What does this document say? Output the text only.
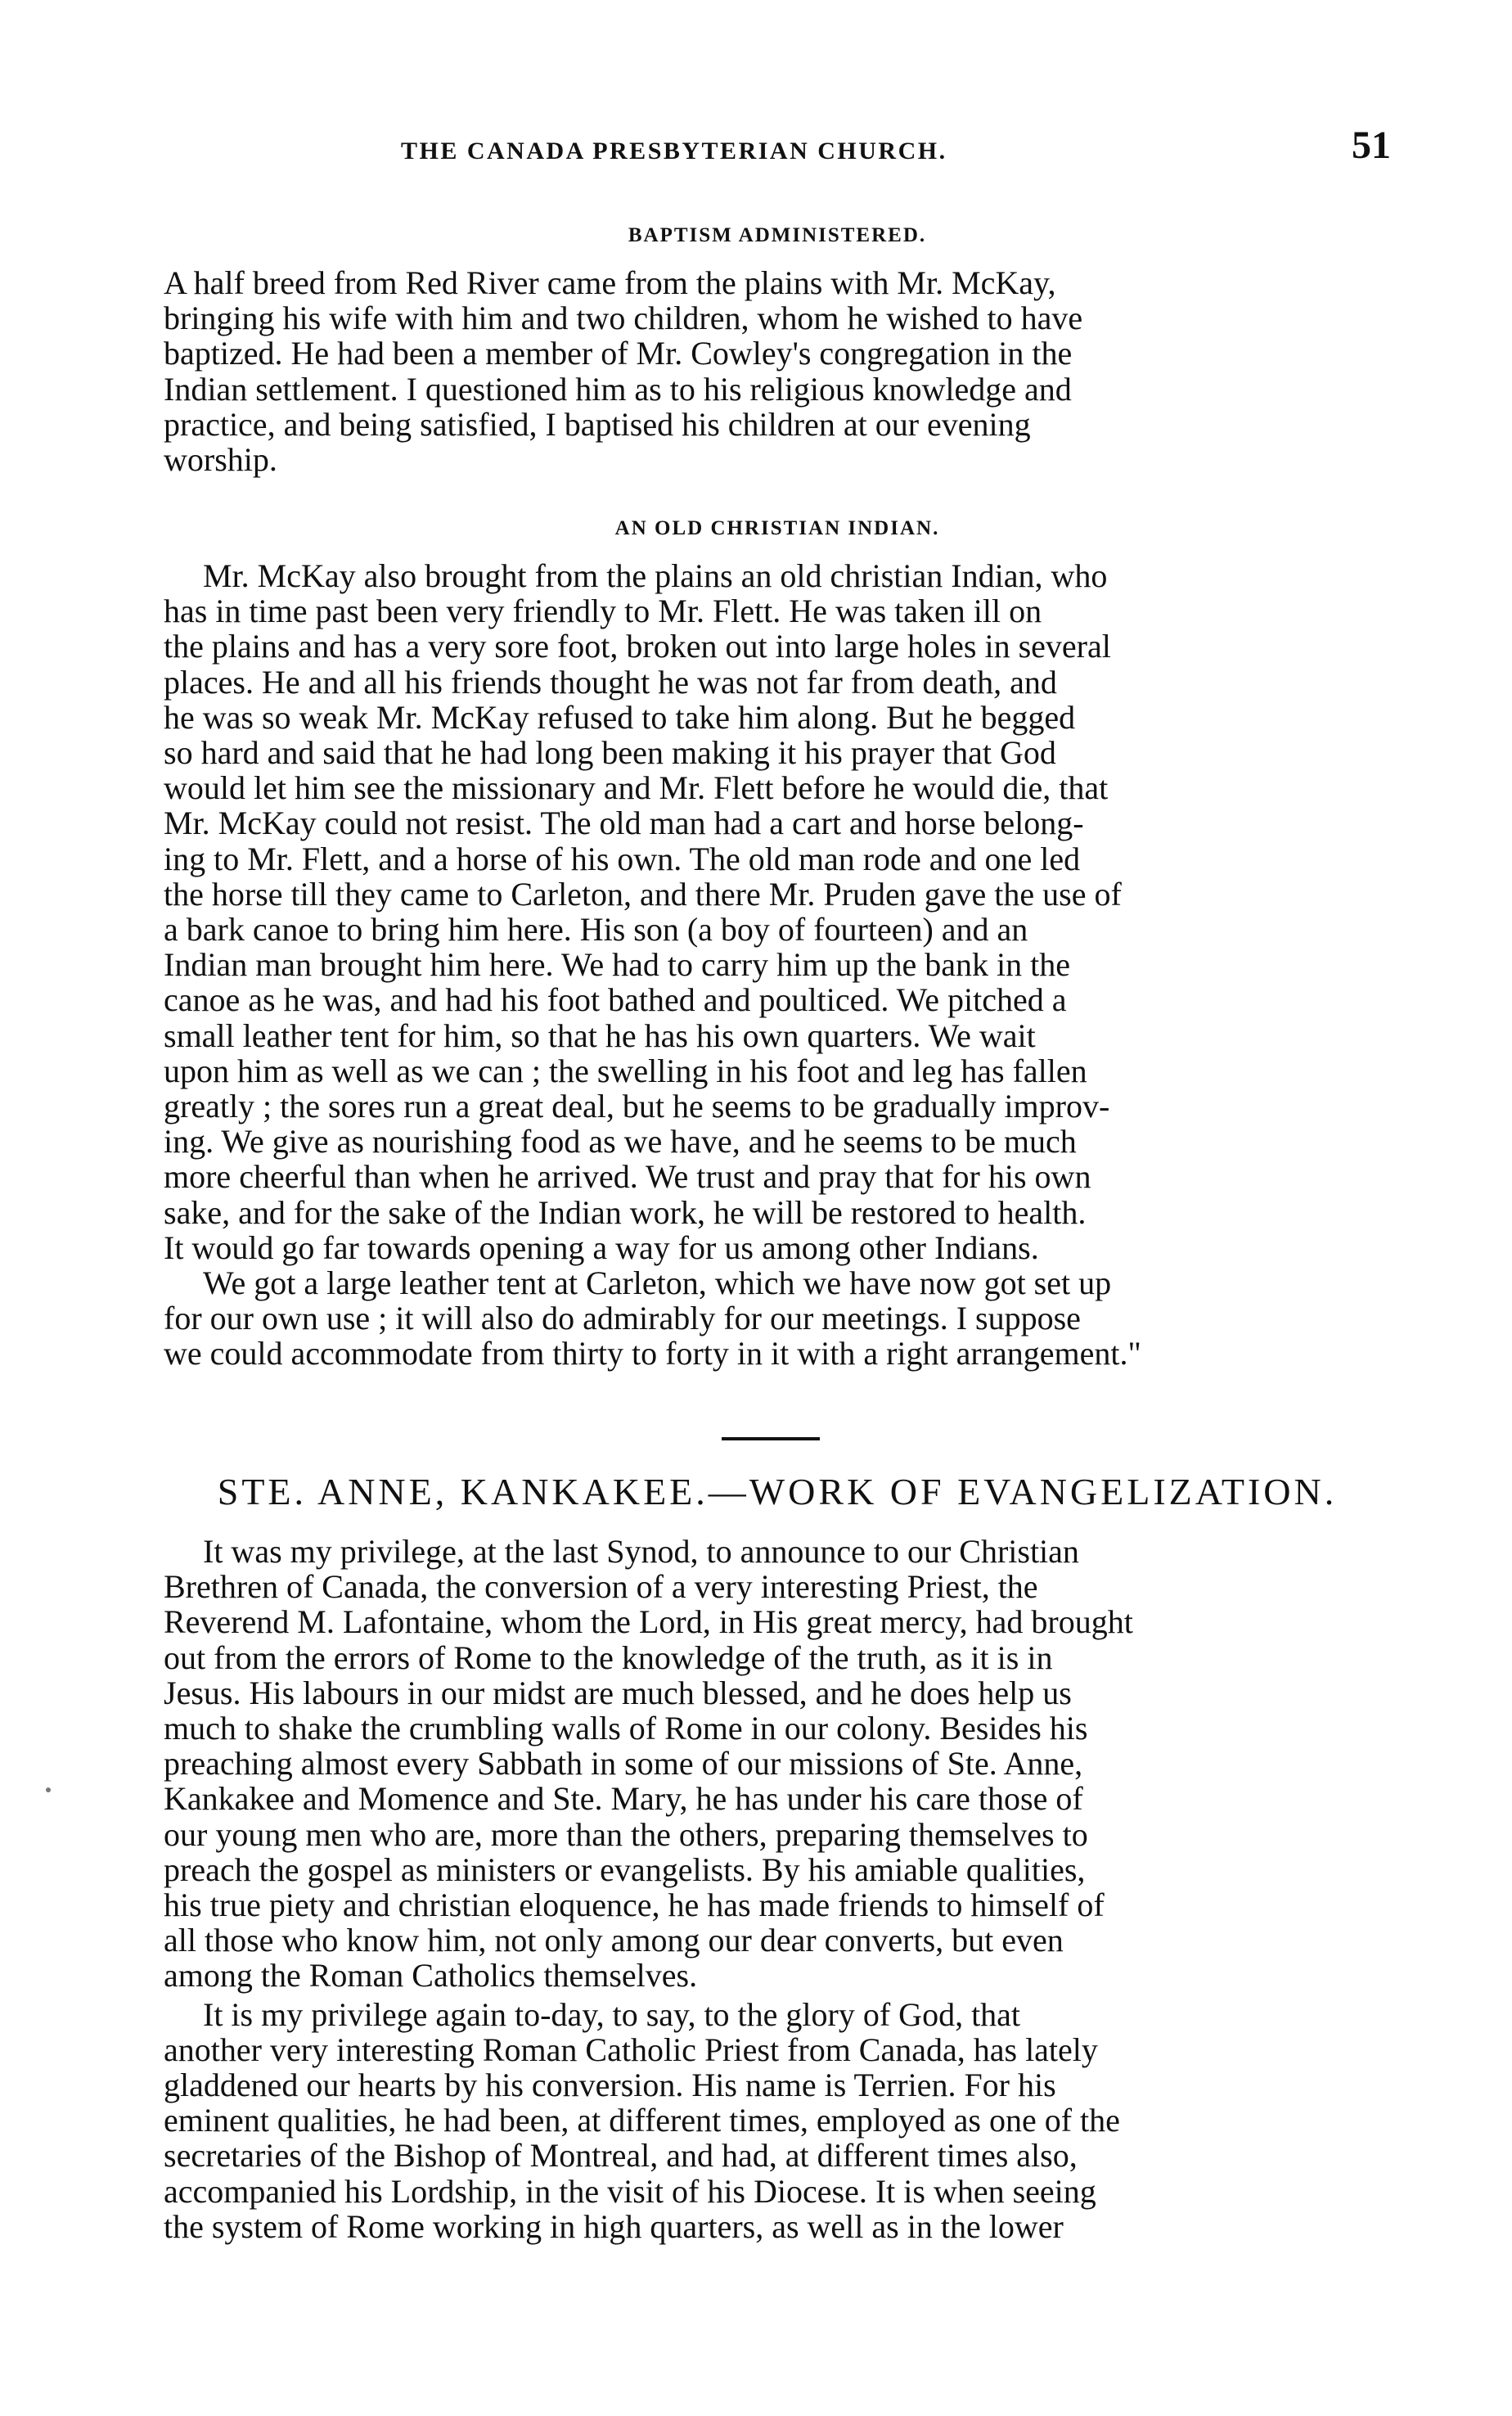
THE CANADA PRESBYTERIAN CHURCH.	51
BAPTISM ADMINISTERED.

A half breed from Red River came from the plains with Mr. McKay,
bringing his wife with him and two children, whom he wished to have
baptized. He had been a member of Mr. Cowley's congregation in the
Indian settlement. I questioned him as to his religious knowledge and
practice, and being satisfied, I baptised his children at our evening
worship.

AN OLD CHRISTIAN INDIAN.

Mr. McKay also brought from the plains an old christian Indian, who
has in time past been very friendly to Mr. Flett. He was taken ill on
the plains and has a very sore foot, broken out into large holes in several
places. He and all his friends thought he was not far from death, and
he was so weak Mr. McKay refused to take him along. But he begged
so hard and said that he had long been making it his prayer that God
would let him see the missionary and Mr. Flett before he would die, that
Mr. McKay could not resist. The old man had a cart and horse belong-
ing to Mr. Flett, and a horse of his own. The old man rode and one led
the horse till they came to Carleton, and there Mr. Pruden gave the use of
a bark canoe to bring him here. His son (a boy of fourteen) and an
Indian man brought him here. We had to carry him up the bank in the
canoe as he was, and had his foot bathed and poulticed. We pitched a
small leather tent for him, so that he has his own quarters. We wait
upon him as well as we can ; the swelling in his foot and leg has fallen
greatly ; the sores run a great deal, but he seems to be gradually improv-
ing. We give as nourishing food as we have, and he seems to be much
more cheerful than when he arrived. We trust and pray that for his own
sake, and for the sake of the Indian work, he will be restored to health.
It would go far towards opening a way for us among other Indians.

We got a large leather tent at Carleton, which we have now got set up
for our own use ; it will also do admirably for our meetings. I suppose
we could accommodate from thirty to forty in it with a right arrangement."

STE. ANNE, KANKAKEE.—WORK OF EVANGELIZATION.

It was my privilege, at the last Synod, to announce to our Christian
Brethren of Canada, the conversion of a very interesting Priest, the
Reverend M. Lafontaine, whom the Lord, in His great mercy, had brought
out from the errors of Rome to the knowledge of the truth, as it is in
Jesus. His labours in our midst are much blessed, and he does help us
much to shake the crumbling walls of Rome in our colony. Besides his
preaching almost every Sabbath in some of our missions of Ste. Anne,
Kankakee and Momence and Ste. Mary, he has under his care those of
our young men who are, more than the others, preparing themselves to
preach the gospel as ministers or evangelists. By his amiable qualities,
his true piety and christian eloquence, he has made friends to himself of
all those who know him, not only among our dear converts, but even
among the Roman Catholics themselves.

It is my privilege again to-day, to say, to the glory of God, that
another very interesting Roman Catholic Priest from Canada, has lately
gladdened our hearts by his conversion. His name is Terrien. For his
eminent qualities, he had been, at different times, employed as one of the
secretaries of the Bishop of Montreal, and had, at different times also,
accompanied his Lordship, in the visit of his Diocese. It is when seeing
the system of Rome working in high quarters, as well as in the lower
